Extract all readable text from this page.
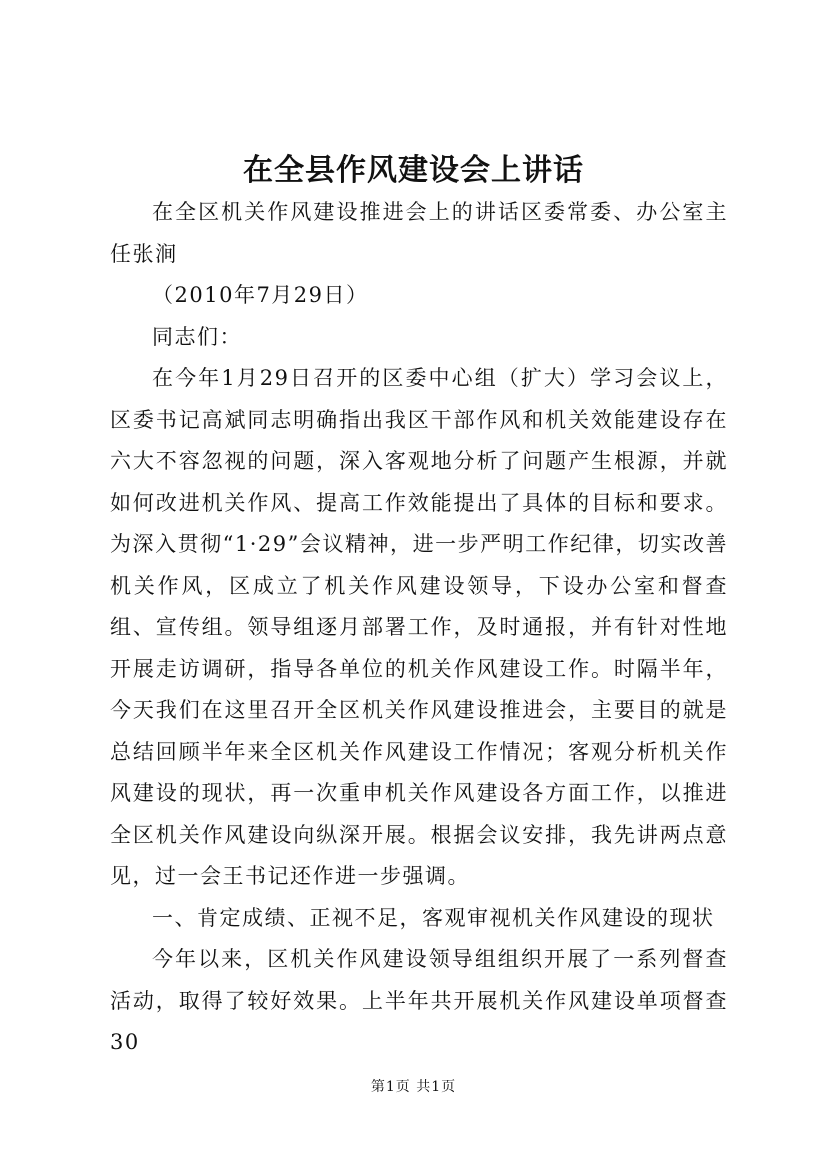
在全县作风建设会上讲话

在全区机关作风建设推进会上的讲话区委常委、办公室主任张涧

（2010年7月29日）

同志们：

在今年1月29日召开的区委中心组（扩大）学习会议上，区委书记高斌同志明确指出我区干部作风和机关效能建设存在六大不容忽视的问题，深入客观地分析了问题产生根源，并就如何改进机关作风、提高工作效能提出了具体的目标和要求。为深入贯彻“1·29”会议精神，进一步严明工作纪律，切实改善机关作风，区成立了机关作风建设领导，下设办公室和督查组、宣传组。领导组逐月部署工作，及时通报，并有针对性地开展走访调研，指导各单位的机关作风建设工作。时隔半年，今天我们在这里召开全区机关作风建设推进会，主要目的就是总结回顾半年来全区机关作风建设工作情况；客观分析机关作风建设的现状，再一次重申机关作风建设各方面工作，以推进全区机关作风建设向纵深开展。根据会议安排，我先讲两点意见，过一会王书记还作进一步强调。

一、肯定成绩、正视不足，客观审视机关作风建设的现状

今年以来，区机关作风建设领导组组织开展了一系列督查活动，取得了较好效果。上半年共开展机关作风建设单项督查30

第1页 共1页
